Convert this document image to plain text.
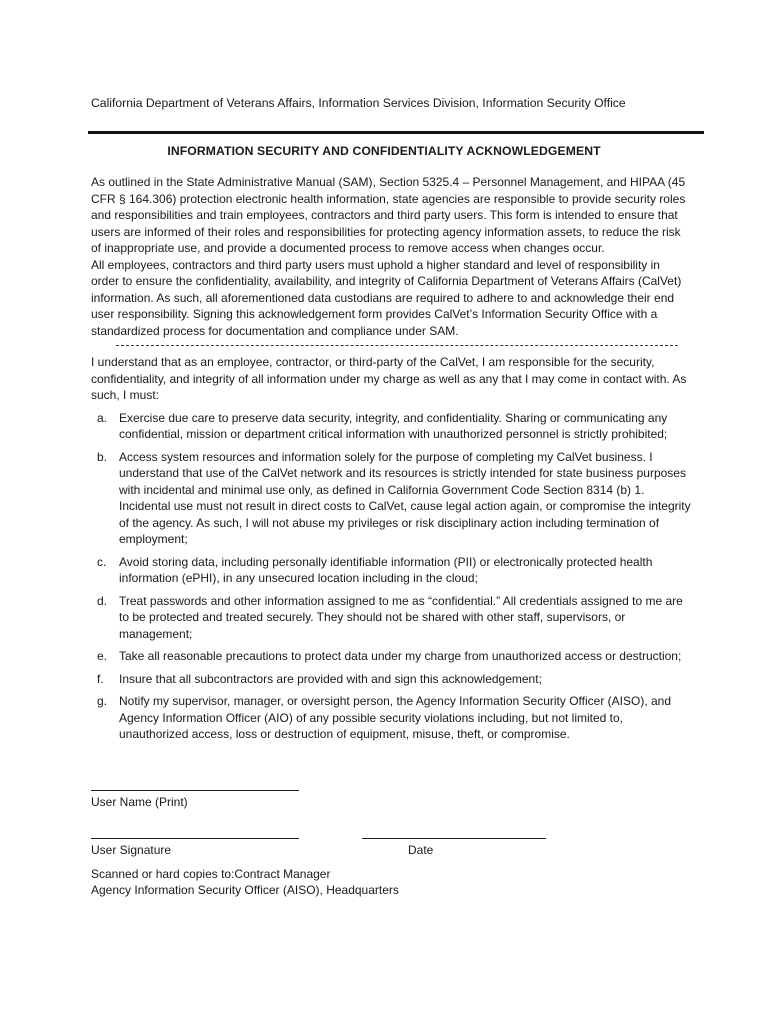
California Department of Veterans Affairs, Information Services Division, Information Security Office
INFORMATION SECURITY AND CONFIDENTIALITY ACKNOWLEDGEMENT

As outlined in the State Administrative Manual (SAM), Section 5325.4 – Personnel Management, and HIPAA (45 CFR § 164.306) protection electronic health information, state agencies are responsible to provide security roles and responsibilities and train employees, contractors and third party users. This form is intended to ensure that users are informed of their roles and responsibilities for protecting agency information assets, to reduce the risk of inappropriate use, and provide a documented process to remove access when changes occur.

All employees, contractors and third party users must uphold a higher standard and level of responsibility in order to ensure the confidentiality, availability, and integrity of California Department of Veterans Affairs (CalVet) information. As such, all aforementioned data custodians are required to adhere to and acknowledge their end user responsibility. Signing this acknowledgement form provides CalVet’s Information Security Office with a standardized process for documentation and compliance under SAM.

I understand that as an employee, contractor, or third-party of the CalVet, I am responsible for the security, confidentiality, and integrity of all information under my charge as well as any that I may come in contact with. As such, I must:

a. Exercise due care to preserve data security, integrity, and confidentiality. Sharing or communicating any confidential, mission or department critical information with unauthorized personnel is strictly prohibited;
b. Access system resources and information solely for the purpose of completing my CalVet business. I understand that use of the CalVet network and its resources is strictly intended for state business purposes with incidental and minimal use only, as defined in California Government Code Section 8314 (b) 1. Incidental use must not result in direct costs to CalVet, cause legal action again, or compromise the integrity of the agency. As such, I will not abuse my privileges or risk disciplinary action including termination of employment;
c.	Avoid storing data, including personally identifiable information (PII) or electronically protected health information (ePHI), in any unsecured location including in the cloud;
d. Treat passwords and other information assigned to me as “confidential.” All credentials assigned to me are to be protected and treated securely. They should not be shared with other staff, supervisors, or management;
e. Take all reasonable precautions to protect data under my charge from unauthorized access or destruction;
f.	Insure that all subcontractors are provided with and sign this acknowledgement;
g. Notify my supervisor, manager, or oversight person, the Agency Information Security Officer (AISO), and Agency Information Officer (AIO) of any possible security violations including, but not limited to, unauthorized access, loss or destruction of equipment, misuse, theft, or compromise.
User Name (Print)
User Signature	Date
Scanned or hard copies to:Contract Manager
Agency Information Security Officer (AISO), Headquarters
